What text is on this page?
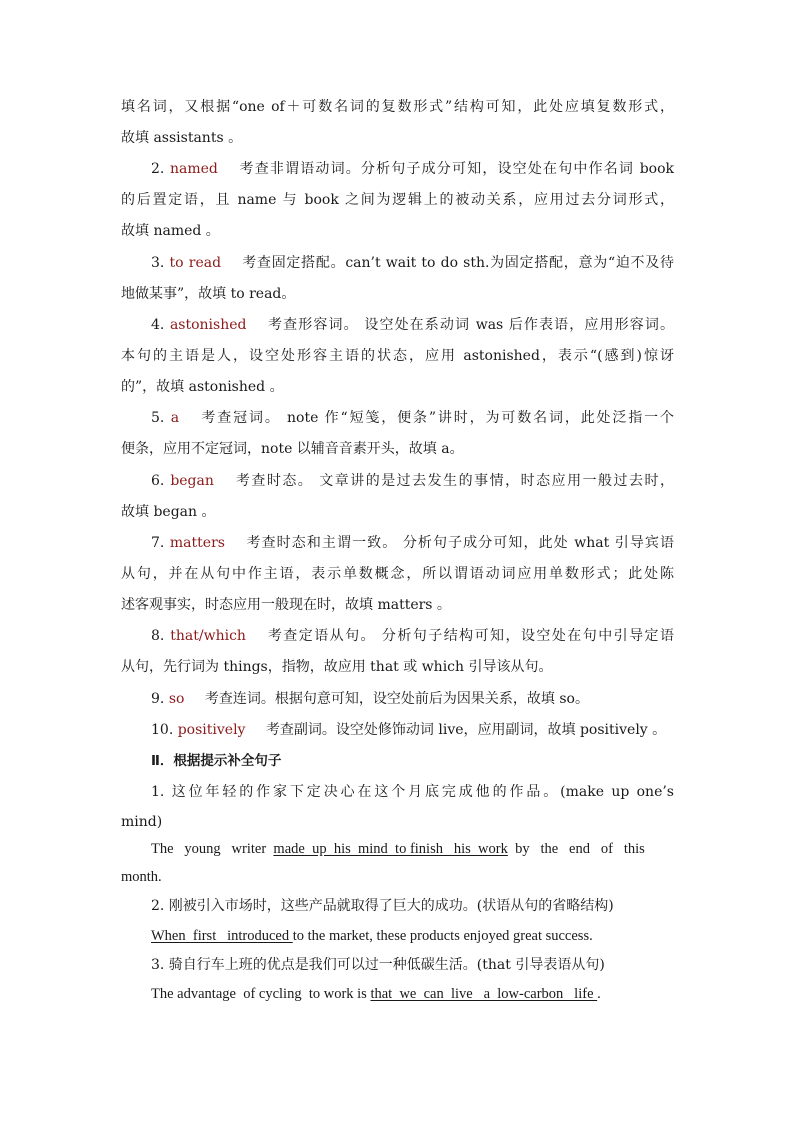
填名词，又根据“one of＋可数名词的复数形式”结构可知，此处应填复数形式，
故填 assistants 。
2. named 考查非谓语动词。分析句子成分可知，设空处在句中作名词 book
的后置定语，且 name 与 book 之间为逻辑上的被动关系，应用过去分词形式，
故填 named 。
3. to read 考查固定搭配。can’t wait to do sth.为固定搭配，意为“迫不及待
地做某事”，故填 to read。
4. astonished 考查形容词。 设空处在系动词 was 后作表语，应用形容词。
本句的主语是人，设空处形容主语的状态，应用 astonished，表示“(感到)惊讶
的”，故填 astonished 。
5. a 考查冠词。 note 作“短笺，便条”讲时，为可数名词，此处泛指一个
便条，应用不定冠词，note 以辅音音素开头，故填 a。
6. began 考查时态。 文章讲的是过去发生的事情，时态应用一般过去时，
故填 began 。
7. matters 考查时态和主谓一致。 分析句子成分可知，此处 what 引导宾语
从句，并在从句中作主语，表示单数概念，所以谓语动词应用单数形式；此处陈
述客观事实，时态应用一般现在时，故填 matters 。
8. that/which 考查定语从句。 分析句子结构可知，设空处在句中引导定语
从句，先行词为 things，指物，故应用 that 或 which 引导该从句。
9. so 考查连词。根据句意可知，设空处前后为因果关系，故填 so。
10. positively 考查副词。设空处修饰动词 live，应用副词，故填 positively 。
Ⅱ．根据提示补全句子
1. 这位年轻的作家下定决心在这个月底完成他的作品。(make up one’s
mind)
The   young   writer  made  up  his  mind  to finish   his  work  by   the   end   of   this
month.
2. 刚被引入市场时，这些产品就取得了巨大的成功。(状语从句的省略结构)
When  first   introduced to the market, these products enjoyed great success.
3. 骑自行车上班的优点是我们可以过一种低碳生活。(that 引导表语从句)
The advantage  of cycling  to work is that  we  can  live   a  low-carbon   life .
